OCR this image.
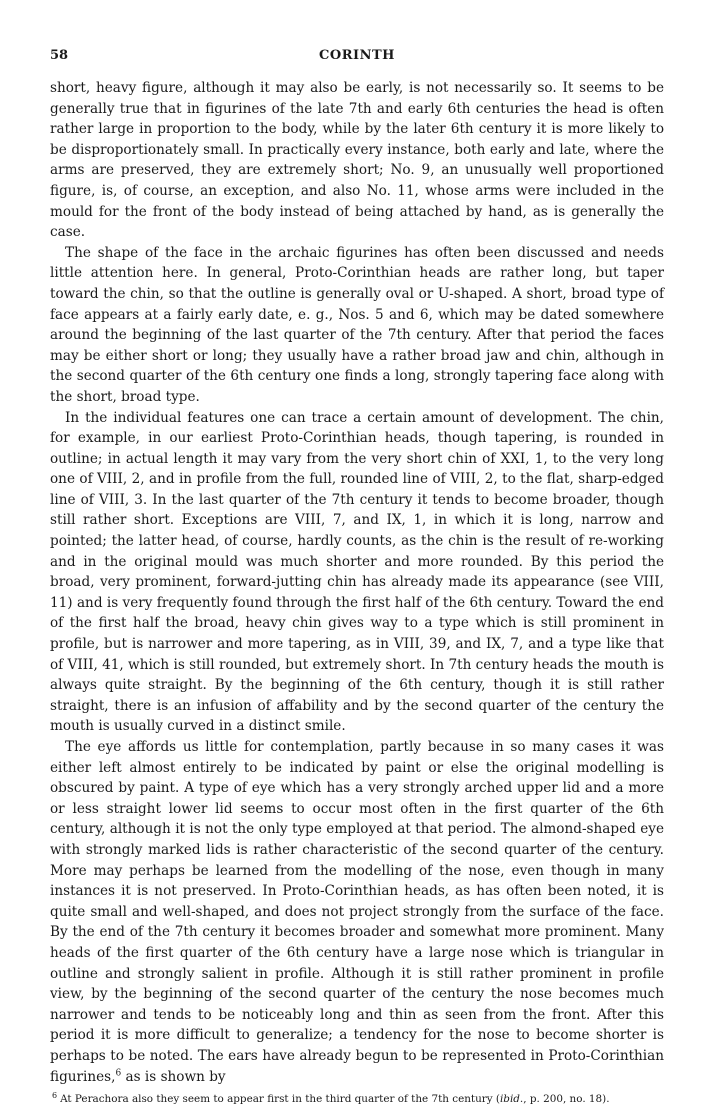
58	CORINTH

short, heavy figure, although it may also be early, is not necessarily so. It seems to be generally true that in figurines of the late 7th and early 6th centuries the head is often rather large in proportion to the body, while by the later 6th century it is more likely to be disproportionately small. In practically every instance, both early and late, where the arms are preserved, they are extremely short; No. 9, an unusually well proportioned figure, is, of course, an exception, and also No. 11, whose arms were included in the mould for the front of the body instead of being attached by hand, as is generally the case.

The shape of the face in the archaic figurines has often been discussed and needs little attention here. In general, Proto-Corinthian heads are rather long, but taper toward the chin, so that the outline is generally oval or U-shaped. A short, broad type of face appears at a fairly early date, e. g., Nos. 5 and 6, which may be dated somewhere around the beginning of the last quarter of the 7th century. After that period the faces may be either short or long; they usually have a rather broad jaw and chin, although in the second quarter of the 6th century one finds a long, strongly tapering face along with the short, broad type.

In the individual features one can trace a certain amount of development. The chin, for example, in our earliest Proto-Corinthian heads, though tapering, is rounded in outline; in actual length it may vary from the very short chin of XXI, 1, to the very long one of VIII, 2, and in profile from the full, rounded line of VIII, 2, to the flat, sharp-edged line of VIII, 3. In the last quarter of the 7th century it tends to become broader, though still rather short. Exceptions are VIII, 7, and IX, 1, in which it is long, narrow and pointed; the latter head, of course, hardly counts, as the chin is the result of re-working and in the original mould was much shorter and more rounded. By this period the broad, very prominent, forward-jutting chin has already made its appearance (see VIII, 11) and is very frequently found through the first half of the 6th century. Toward the end of the first half the broad, heavy chin gives way to a type which is still prominent in profile, but is narrower and more tapering, as in VIII, 39, and IX, 7, and a type like that of VIII, 41, which is still rounded, but extremely short. In 7th century heads the mouth is always quite straight. By the beginning of the 6th century, though it is still rather straight, there is an infusion of affability and by the second quarter of the century the mouth is usually curved in a distinct smile.

The eye affords us little for contemplation, partly because in so many cases it was either left almost entirely to be indicated by paint or else the original modelling is obscured by paint. A type of eye which has a very strongly arched upper lid and a more or less straight lower lid seems to occur most often in the first quarter of the 6th century, although it is not the only type employed at that period. The almond-shaped eye with strongly marked lids is rather characteristic of the second quarter of the century. More may perhaps be learned from the modelling of the nose, even though in many instances it is not preserved. In Proto-Corinthian heads, as has often been noted, it is quite small and well-shaped, and does not project strongly from the surface of the face. By the end of the 7th century it becomes broader and somewhat more prominent. Many heads of the first quarter of the 6th century have a large nose which is triangular in outline and strongly salient in profile. Although it is still rather prominent in profile view, by the beginning of the second quarter of the century the nose becomes much narrower and tends to be noticeably long and thin as seen from the front. After this period it is more difficult to generalize; a tendency for the nose to become shorter is perhaps to be noted. The ears have already begun to be represented in Proto-Corinthian figurines,$^6$ as is shown by

$^6$ At Perachora also they seem to appear first in the third quarter of the 7th century (ibid., p. 200, no. 18).
